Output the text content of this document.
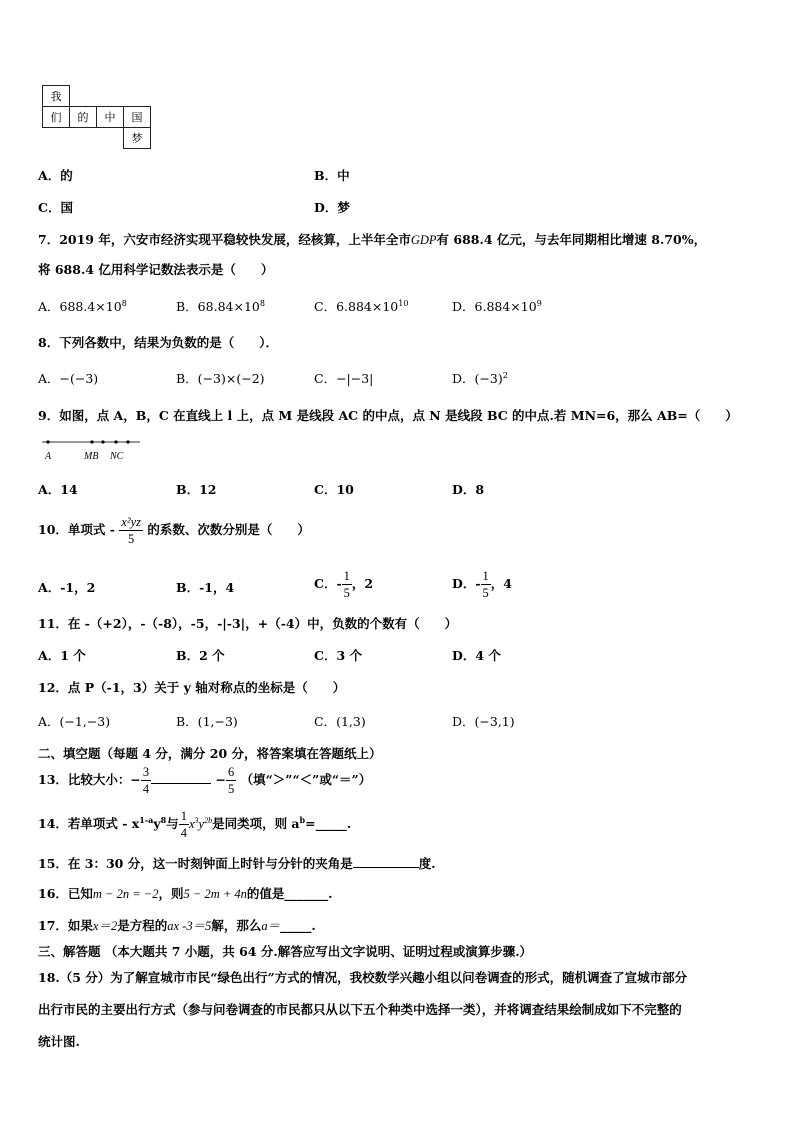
我			
们	的	中	国
			梦
A．的	B．中
C．国	D．梦
7．2019 年，六安市经济实现平稳较快发展，经核算，上半年全市GDP有 688.4 亿元，与去年同期相比增速 8.70%，
将 688.4 亿用科学记数法表示是（　　）
A．$688.4\times 10^8$	B．$68.84\times 10^8$	C．$6.884\times 10^{10}$	D．$6.884\times 10^9$
8．下列各数中，结果为负数的是（　　）．
A．−(−3)	B．(−3)×(−2)	C．−|−3|	D．$(-3)^2$
9．如图，点 A，B，C 在直线上 l 上，点 M 是线段 AC 的中点，点 N 是线段 BC 的中点.若 MN=6，那么 AB=（　　）
A	MB NC
A．14	B．12	C．10	D．8
10．单项式 - $\frac{\text{x²yz}}{5}$ 的系数、次数分别是（　　）
A．-1，2	B．-1，4	C．- $\frac{1}{5}$ ，2	D．- $\frac{1}{5}$ ，4
11．在 -（+2），-（-8），-5，-|-3|，+（-4）中，负数的个数有（　　）
A．1 个	B．2 个	C．3 个	D．4 个
12．点 P（-1，3）关于 y 轴对称点的坐标是（　　）
A．(−1,−3)	B．(1,−3)	C．(1,3)	D．(−3,1)
二、填空题（每题 4 分，满分 20 分，将答案填在答题纸上）
13．比较大小：− $\frac{3}{4}$	− $\frac{6}{5}$ （填“＞”“＜”或“＝”）
14．若单项式 - $x^{1-a}y^8$与 $\frac{1}{4} x^3y^{2b}$是同类项，则 $a^b=\_\_\_\_\_$.
15．在 3：30 分，这一时刻钟面上时针与分针的夹角是	度.
16．已知m − 2n = −2，则5 − 2m + 4n的值是_______.
17．如果x＝2是方程的ax -3＝5解，那么a＝_____.
三、解答题 （本大题共 7 小题，共 64 分.解答应写出文字说明、证明过程或演算步骤.）
18.（5 分）为了解宣城市市民“绿色出行”方式的情况，我校数学兴趣小组以问卷调查的形式，随机调查了宣城市部分
出行市民的主要出行方式（参与问卷调查的市民都只从以下五个种类中选择一类），并将调查结果绘制成如下不完整的
统计图.
